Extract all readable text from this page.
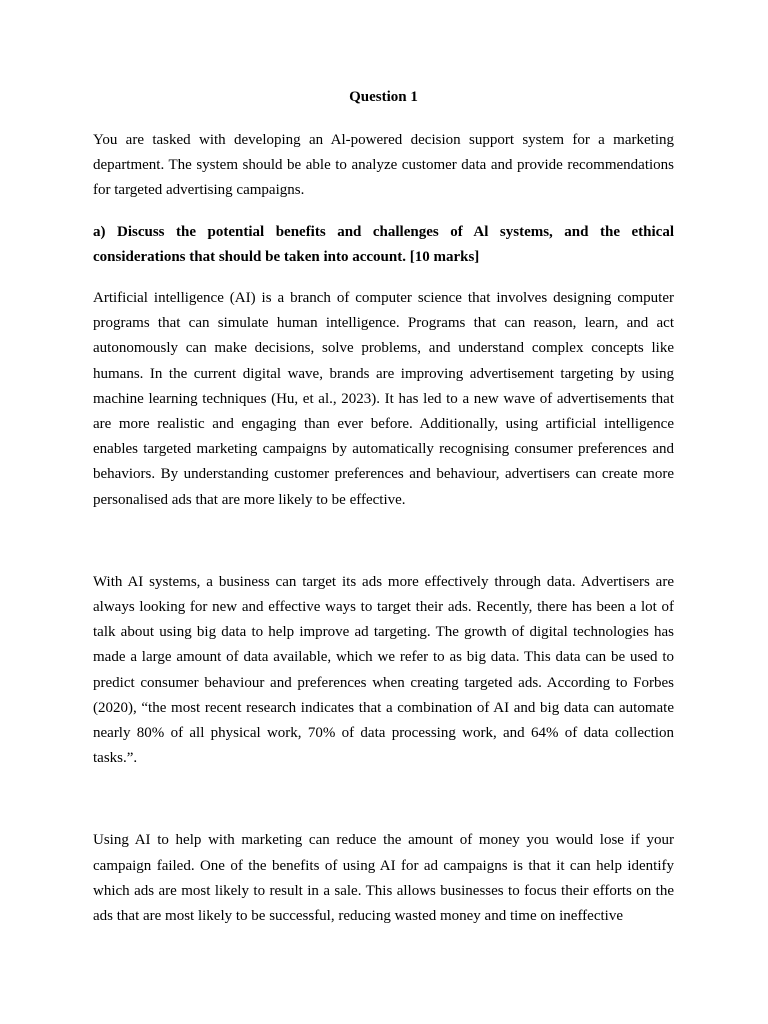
Question 1

You are tasked with developing an Al-powered decision support system for a marketing department. The system should be able to analyze customer data and provide recommendations for targeted advertising campaigns.

a) Discuss the potential benefits and challenges of Al systems, and the ethical considerations that should be taken into account. [10 marks]

Artificial intelligence (AI) is a branch of computer science that involves designing computer programs that can simulate human intelligence. Programs that can reason, learn, and act autonomously can make decisions, solve problems, and understand complex concepts like humans. In the current digital wave, brands are improving advertisement targeting by using machine learning techniques (Hu, et al., 2023). It has led to a new wave of advertisements that are more realistic and engaging than ever before. Additionally, using artificial intelligence enables targeted marketing campaigns by automatically recognising consumer preferences and behaviors. By understanding customer preferences and behaviour, advertisers can create more personalised ads that are more likely to be effective.

With AI systems, a business can target its ads more effectively through data. Advertisers are always looking for new and effective ways to target their ads. Recently, there has been a lot of talk about using big data to help improve ad targeting. The growth of digital technologies has made a large amount of data available, which we refer to as big data. This data can be used to predict consumer behaviour and preferences when creating targeted ads. According to Forbes (2020), “the most recent research indicates that a combination of AI and big data can automate nearly 80% of all physical work, 70% of data processing work, and 64% of data collection tasks.”.

Using AI to help with marketing can reduce the amount of money you would lose if your campaign failed. One of the benefits of using AI for ad campaigns is that it can help identify which ads are most likely to result in a sale. This allows businesses to focus their efforts on the ads that are most likely to be successful, reducing wasted money and time on ineffective
